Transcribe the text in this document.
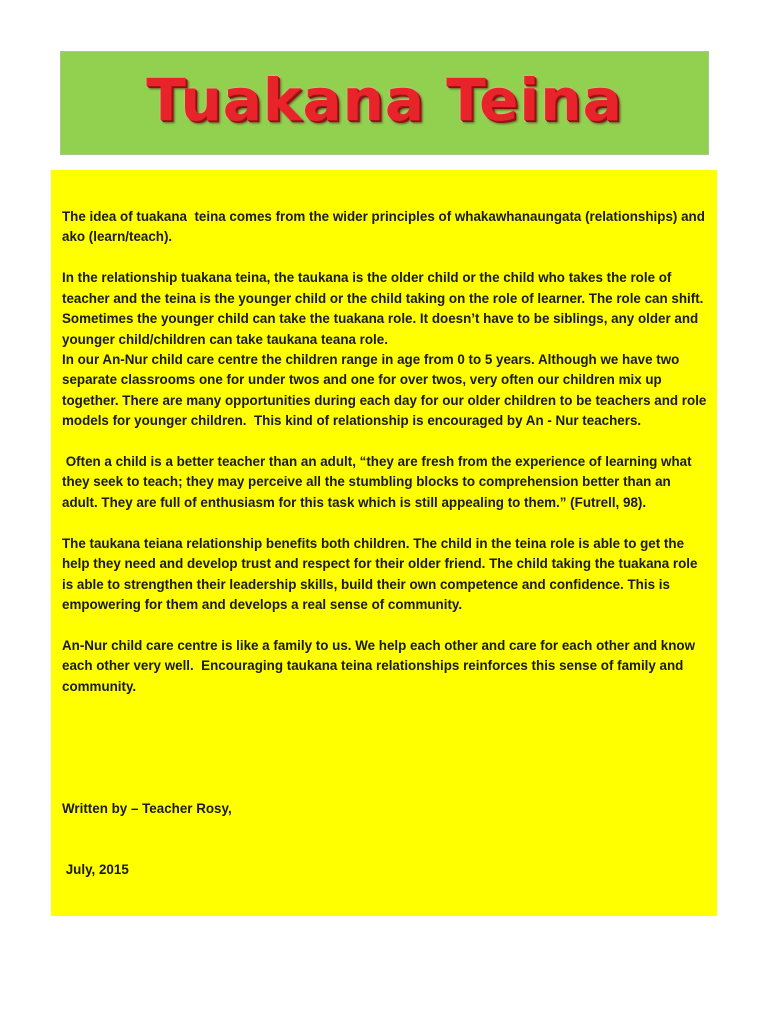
Tuakana Teina

The idea of tuakana  teina comes from the wider principles of whakawhanaungata (relationships) and ako (learn/teach).

In the relationship tuakana teina, the taukana is the older child or the child who takes the role of teacher and the teina is the younger child or the child taking on the role of learner. The role can shift. Sometimes the younger child can take the tuakana role. It doesn’t have to be siblings, any older and younger child/children can take taukana teana role.

In our An-Nur child care centre the children range in age from 0 to 5 years. Although we have two separate classrooms one for under twos and one for over twos, very often our children mix up together. There are many opportunities during each day for our older children to be teachers and role models for younger children.  This kind of relationship is encouraged by An - Nur teachers.

Often a child is a better teacher than an adult, “they are fresh from the experience of learning what they seek to teach; they may perceive all the stumbling blocks to comprehension better than an adult. They are full of enthusiasm for this task which is still appealing to them.” (Futrell, 98).

The taukana teiana relationship benefits both children. The child in the teina role is able to get the help they need and develop trust and respect for their older friend. The child taking the tuakana role is able to strengthen their leadership skills, build their own competence and confidence. This is empowering for them and develops a real sense of community.

An-Nur child care centre is like a family to us. We help each other and care for each other and know each other very well.  Encouraging taukana teina relationships reinforces this sense of family and community.

Written by – Teacher Rosy,

July, 2015
